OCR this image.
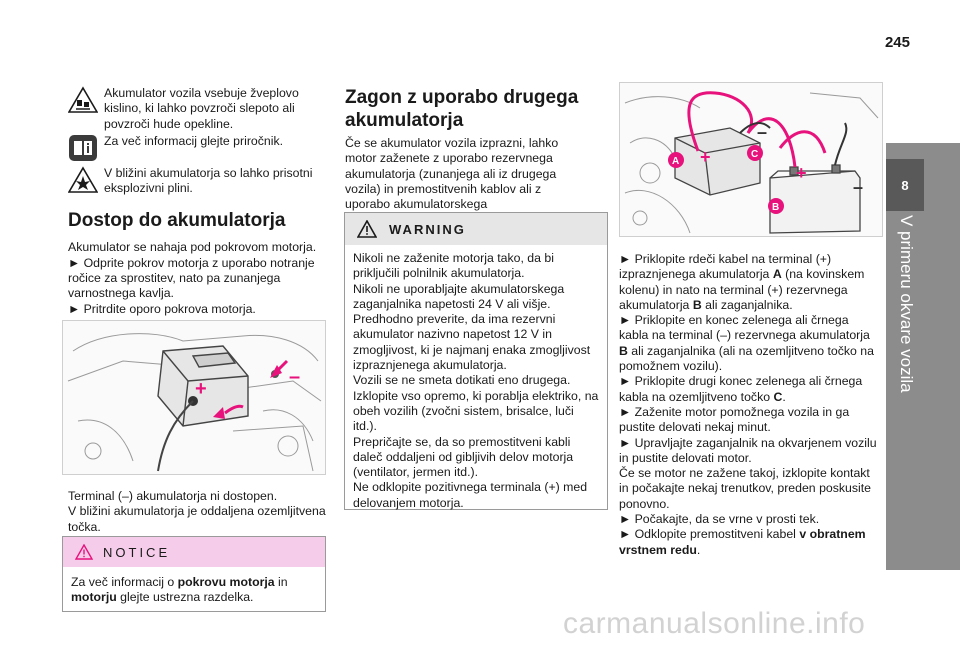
245
8
V primeru okvare vozila

Akumulator vozila vsebuje žveplovo kislino, ki lahko povzroči slepoto ali povzroči hude opekline.

Za več informacij glejte priročnik.

V bližini akumulatorja so lahko prisotni eksplozivni plini.

Dostop do akumulatorja

Akumulator se nahaja pod pokrovom motorja.

► Odprite pokrov motorja z uporabo notranje ročice za sprostitev, nato pa zunanjega varnostnega kavlja.

► Pritrdite oporo pokrova motorja.

+
–

Terminal (–) akumulatorja ni dostopen.

V bližini akumulatorja je oddaljena ozemljitvena točka.

NOTICE
Za več informacij o pokrovu motorja in motorju glejte ustrezna razdelka.
Zagon z uporabo drugega akumulatorja

Če se akumulator vozila izprazni, lahko motor zaženete z uporabo rezervnega akumulatorja (zunanjega ali iz drugega vozila) in premostitvenih kablov ali z uporabo akumulatorskega

WARNING

Nikoli ne zaženite motorja tako, da bi priključili polnilnik akumulatorja.

Nikoli ne uporabljajte akumulatorskega zaganjalnika napetosti 24 V ali višje.

Predhodno preverite, da ima rezervni akumulator nazivno napetost 12 V in zmogljivost, ki je najmanj enaka zmogljivost izpraznjenega akumulatorja.

Vozili se ne smeta dotikati eno drugega.

Izklopite vso opremo, ki porablja elektriko, na obeh vozilih (zvočni sistem, brisalce, luči itd.).

Prepričajte se, da so premostitveni kabli daleč oddaljeni od gibljivih delov motorja (ventilator, jermen itd.).

Ne odklopite pozitivnega terminala (+) med delovanjem motorja.

+
+
–
–
A
B
C

► Priklopite rdeči kabel na terminal (+) izpraznjenega akumulatorja A (na kovinskem kolenu) in nato na terminal (+) rezervnega akumulatorja B ali zaganjalnika.

► Priklopite en konec zelenega ali črnega kabla na terminal (–) rezervnega akumulatorja B ali zaganjalnika (ali na ozemljitveno točko na pomožnem vozilu).

► Priklopite drugi konec zelenega ali črnega kabla na ozemljitveno točko C.

► Zaženite motor pomožnega vozila in ga pustite delovati nekaj minut.

► Upravljajte zaganjalnik na okvarjenem vozilu in pustite delovati motor.

Če se motor ne zažene takoj, izklopite kontakt in počakajte nekaj trenutkov, preden poskusite ponovno.

► Počakajte, da se vrne v prosti tek.

► Odklopite premostitveni kabel v obratnem vrstnem redu.

carmanualsonline.info
